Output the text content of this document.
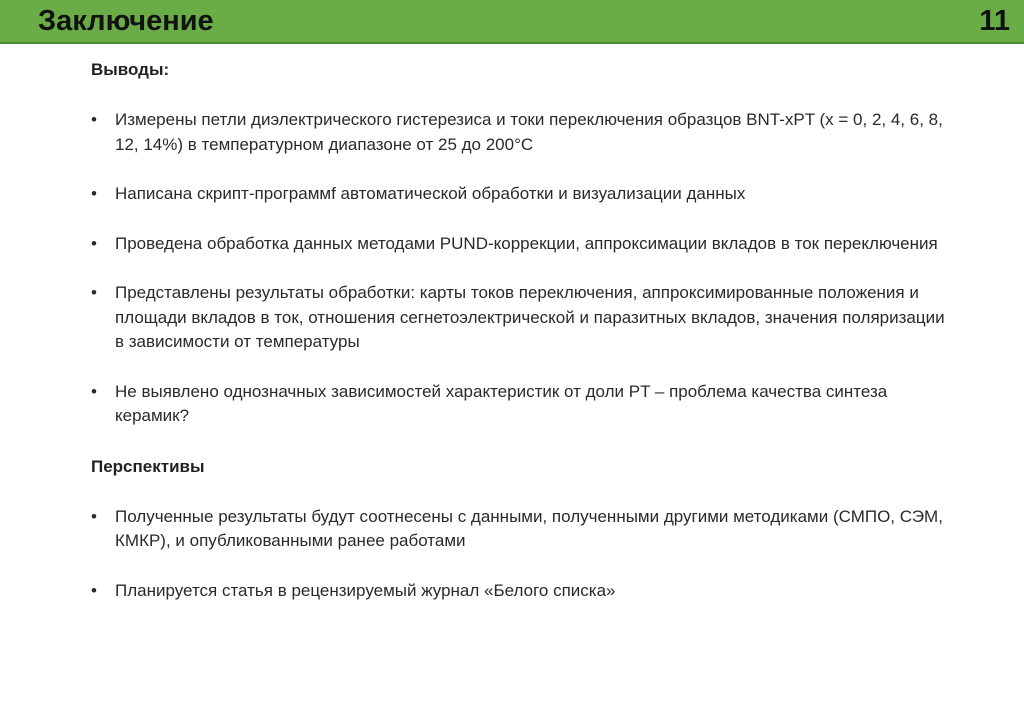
Заключение	11

Выводы:

•	Измерены петли диэлектрического гистерезиса и токи переключения образцов BNT-xPT (x = 0, 2, 4, 6, 8, 12, 14%) в температурном диапазоне от 25 до 200°С
•	Написана скрипт-программf автоматической обработки и визуализации данных
•	Проведена обработка данных методами PUND-коррекции, аппроксимации вкладов в ток переключения
•	Представлены результаты обработки: карты токов переключения, аппроксимированные положения и площади вкладов в ток, отношения сегнетоэлектрической и паразитных вкладов, значения поляризации в зависимости от температуры
•	Не выявлено однозначных зависимостей характеристик от доли PT – проблема качества синтеза керамик?

Перспективы

•	Полученные результаты будут соотнесены с данными, полученными другими методиками (СМПО, СЭМ, КМКР), и опубликованными ранее работами
•	Планируется статья в рецензируемый журнал «Белого списка»
